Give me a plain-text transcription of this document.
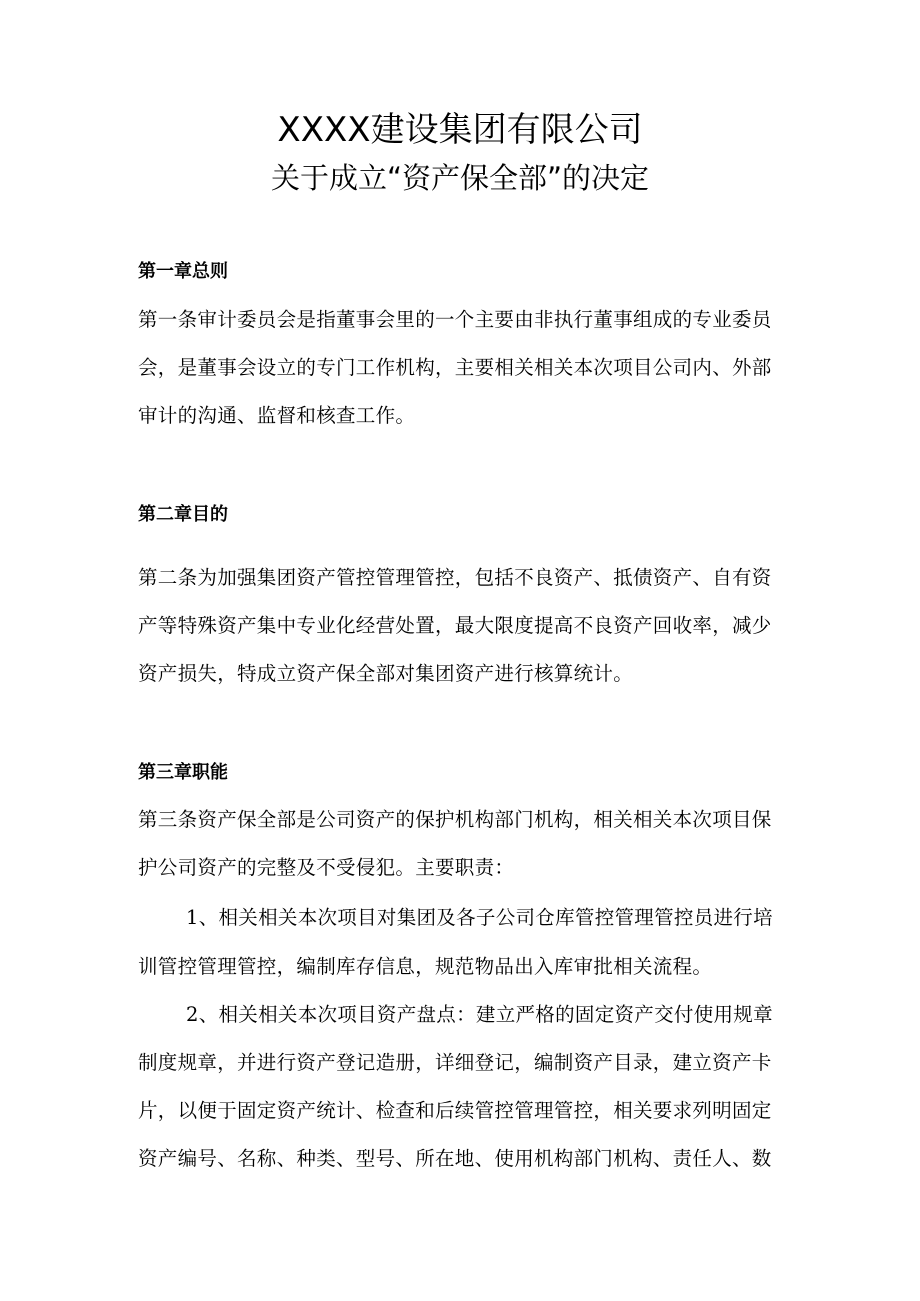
XXXX建设集团有限公司
关于成立“资产保全部”的决定
第一章总则
第一条审计委员会是指董事会里的一个主要由非执行董事组成的专业委员
会，是董事会设立的专门工作机构，主要相关相关本次项目公司内、外部
审计的沟通、监督和核查工作。
第二章目的
第二条为加强集团资产管控管理管控，包括不良资产、抵债资产、自有资
产等特殊资产集中专业化经营处置，最大限度提高不良资产回收率，减少
资产损失，特成立资产保全部对集团资产进行核算统计。
第三章职能
第三条资产保全部是公司资产的保护机构部门机构，相关相关本次项目保
护公司资产的完整及不受侵犯。主要职责：
1、相关相关本次项目对集团及各子公司仓库管控管理管控员进行培
训管控管理管控，编制库存信息，规范物品出入库审批相关流程。
2、相关相关本次项目资产盘点：建立严格的固定资产交付使用规章
制度规章，并进行资产登记造册，详细登记，编制资产目录，建立资产卡
片，以便于固定资产统计、检查和后续管控管理管控，相关要求列明固定
资产编号、名称、种类、型号、所在地、使用机构部门机构、责任人、数
